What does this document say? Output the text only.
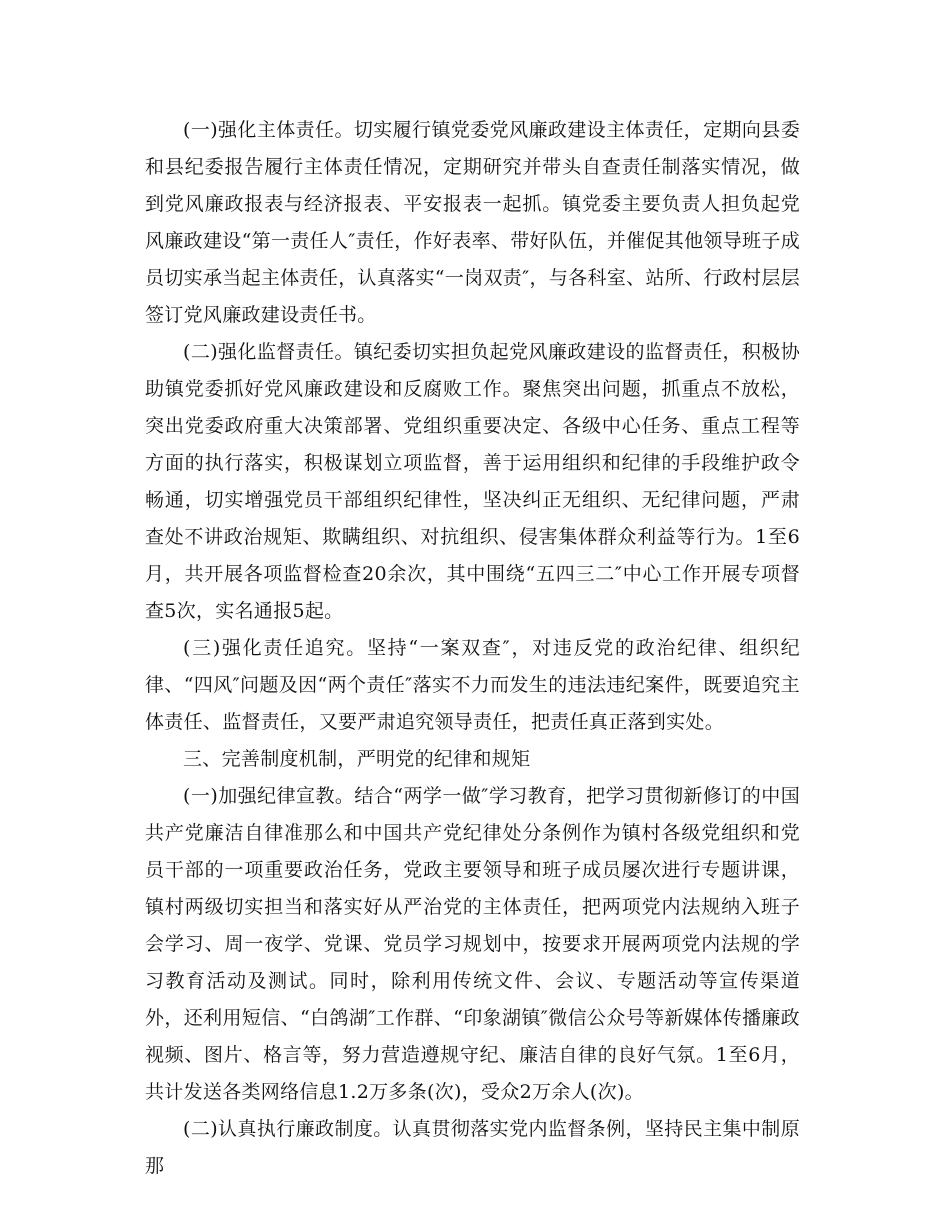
(一)强化主体责任。切实履行镇党委党风廉政建设主体责任，定期向县委和县纪委报告履行主体责任情况，定期研究并带头自查责任制落实情况，做到党风廉政报表与经济报表、平安报表一起抓。镇党委主要负责人担负起党风廉政建设“第一责任人″责任，作好表率、带好队伍，并催促其他领导班子成员切实承当起主体责任，认真落实“一岗双责″，与各科室、站所、行政村层层签订党风廉政建设责任书。

(二)强化监督责任。镇纪委切实担负起党风廉政建设的监督责任，积极协助镇党委抓好党风廉政建设和反腐败工作。聚焦突出问题，抓重点不放松，突出党委政府重大决策部署、党组织重要决定、各级中心任务、重点工程等方面的执行落实，积极谋划立项监督，善于运用组织和纪律的手段维护政令畅通，切实增强党员干部组织纪律性，坚决纠正无组织、无纪律问题，严肃查处不讲政治规矩、欺瞒组织、对抗组织、侵害集体群众利益等行为。1至6月，共开展各项监督检查20余次，其中围绕“五四三二″中心工作开展专项督查5次，实名通报5起。

(三)强化责任追究。坚持“一案双查″，对违反党的政治纪律、组织纪律、“四风″问题及因“两个责任″落实不力而发生的违法违纪案件，既要追究主体责任、监督责任，又要严肃追究领导责任，把责任真正落到实处。

三、完善制度机制，严明党的纪律和规矩

(一)加强纪律宣教。结合“两学一做″学习教育，把学习贯彻新修订的中国共产党廉洁自律准那么和中国共产党纪律处分条例作为镇村各级党组织和党员干部的一项重要政治任务，党政主要领导和班子成员屡次进行专题讲课，镇村两级切实担当和落实好从严治党的主体责任，把两项党内法规纳入班子会学习、周一夜学、党课、党员学习规划中，按要求开展两项党内法规的学习教育活动及测试。同时，除利用传统文件、会议、专题活动等宣传渠道外，还利用短信、“白鸽湖″工作群、“印象湖镇″微信公众号等新媒体传播廉政视频、图片、格言等，努力营造遵规守纪、廉洁自律的良好气氛。1至6月，共计发送各类网络信息1.2万多条(次)，受众2万余人(次)。

(二)认真执行廉政制度。认真贯彻落实党内监督条例，坚持民主集中制原那
